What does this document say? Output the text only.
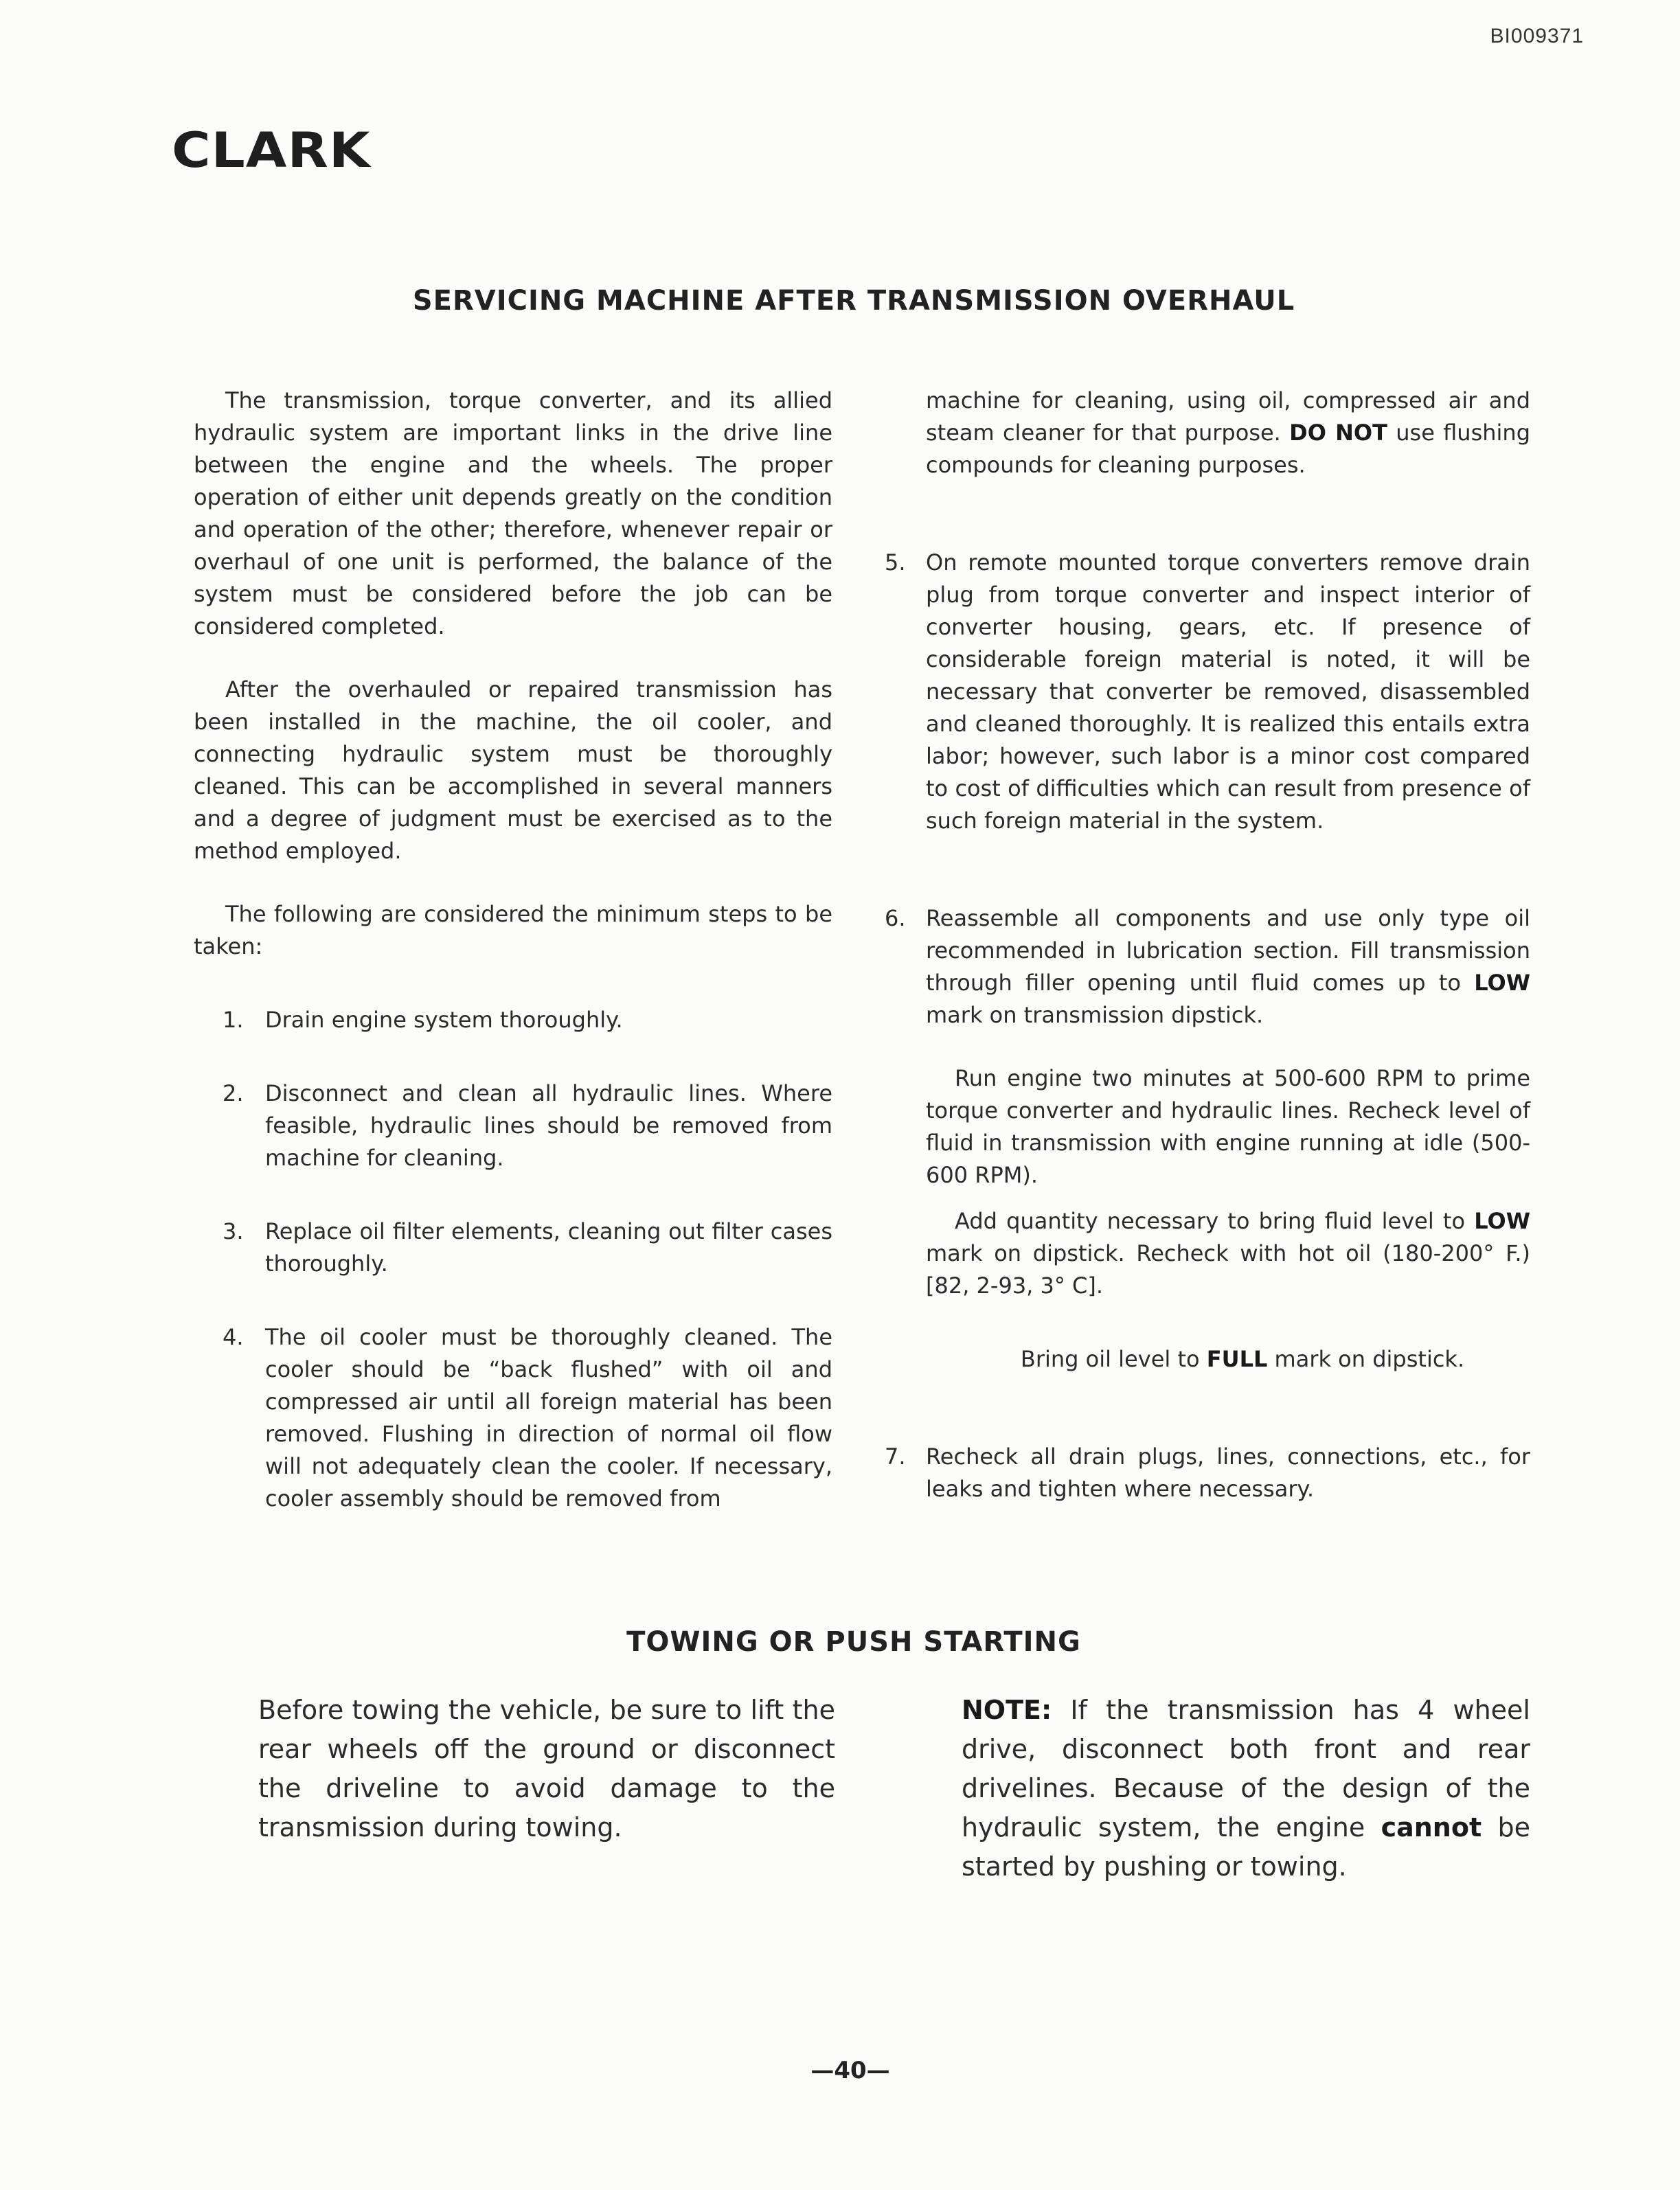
BI009371
CLARK
SERVICING MACHINE AFTER TRANSMISSION OVERHAUL

The transmission, torque converter, and its allied hydraulic system are important links in the drive line between the engine and the wheels. The proper operation of either unit depends greatly on the condition and operation of the other; therefore, whenever repair or overhaul of one unit is performed, the balance of the system must be considered before the job can be considered completed.

After the overhauled or repaired transmission has been installed in the machine, the oil cooler, and connecting hydraulic system must be thoroughly cleaned. This can be accomplished in several manners and a degree of judgment must be exercised as to the method employed.

The following are considered the minimum steps to be taken:

1. Drain engine system thoroughly.
2. Disconnect and clean all hydraulic lines. Where feasible, hydraulic lines should be removed from machine for cleaning.
3. Replace oil filter elements, cleaning out filter cases thoroughly.
4. The oil cooler must be thoroughly cleaned. The cooler should be “back flushed” with oil and compressed air until all foreign material has been removed. Flushing in direction of normal oil flow will not adequately clean the cooler. If necessary, cooler assembly should be removed from

machine for cleaning, using oil, compressed air and steam cleaner for that purpose. DO NOT use flushing compounds for cleaning purposes.

5. On remote mounted torque converters remove drain plug from torque converter and inspect interior of converter housing, gears, etc. If presence of considerable foreign material is noted, it will be necessary that converter be removed, disassembled and cleaned thoroughly. It is realized this entails extra labor; however, such labor is a minor cost compared to cost of difficulties which can result from presence of such foreign material in the system.
6. Reassemble all components and use only type oil recommended in lubrication section. Fill transmission through filler opening until fluid comes up to LOW mark on transmission dipstick.

Run engine two minutes at 500-600 RPM to prime torque converter and hydraulic lines. Recheck level of fluid in transmission with engine running at idle (500-600 RPM).

Add quantity necessary to bring fluid level to LOW mark on dipstick. Recheck with hot oil (180-200° F.) [82, 2-93, 3° C].

Bring oil level to FULL mark on dipstick.

7. Recheck all drain plugs, lines, connections, etc., for leaks and tighten where necessary.
TOWING OR PUSH STARTING

Before towing the vehicle, be sure to lift the rear wheels off the ground or disconnect the driveline to avoid damage to the transmission during towing.

NOTE: If the transmission has 4 wheel drive, disconnect both front and rear drivelines. Because of the design of the hydraulic system, the engine cannot be started by pushing or towing.

—40—
